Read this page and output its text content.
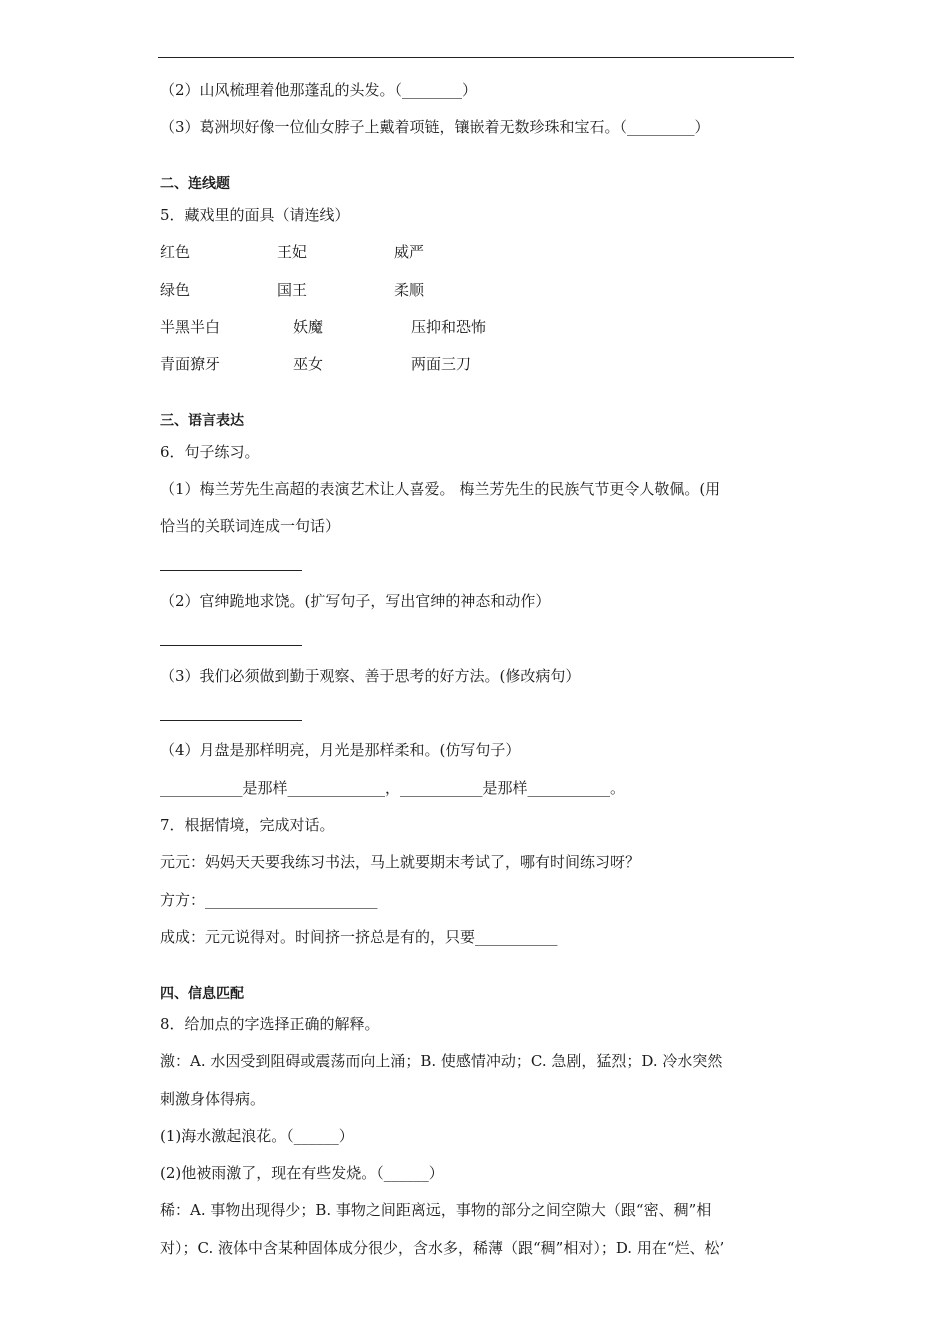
（2）山风梳理着他那蓬乱的头发。（________）
（3）葛洲坝好像一位仙女脖子上戴着项链，镶嵌着无数珍珠和宝石。（_________）
二、连线题
5．藏戏里的面具（请连线）
红色	王妃	威严
绿色	国王	柔顺
半黑半白	妖魔	压抑和恐怖
青面獠牙	巫女	两面三刀
三、语言表达
6．句子练习。
（1）梅兰芳先生高超的表演艺术让人喜爱。 梅兰芳先生的民族气节更令人敬佩。(用
恰当的关联词连成一句话）
（2）官绅跪地求饶。(扩写句子，写出官绅的神态和动作）
（3）我们必须做到勤于观察、善于思考的好方法。(修改病句）
（4）月盘是那样明亮，月光是那样柔和。(仿写句子）
___________是那样_____________，___________是那样___________。
7．根据情境，完成对话。
元元：妈妈天天要我练习书法，马上就要期末考试了，哪有时间练习呀？
方方：_______________________
成成：元元说得对。时间挤一挤总是有的，只要___________
四、信息匹配
8．给加点的字选择正确的解释。
激：A. 水因受到阻碍或震荡而向上涌；B. 使感情冲动；C. 急剧，猛烈；D. 冷水突然
刺激身体得病。
(1)海水激起浪花。（______）
(2)他被雨激了，现在有些发烧。（______）
稀：A. 事物出现得少；B. 事物之间距离远，事物的部分之间空隙大（跟“密、稠”相
对）；C. 液体中含某种固体成分很少，含水多，稀薄（跟“稠”相对）；D. 用在“烂、松’
